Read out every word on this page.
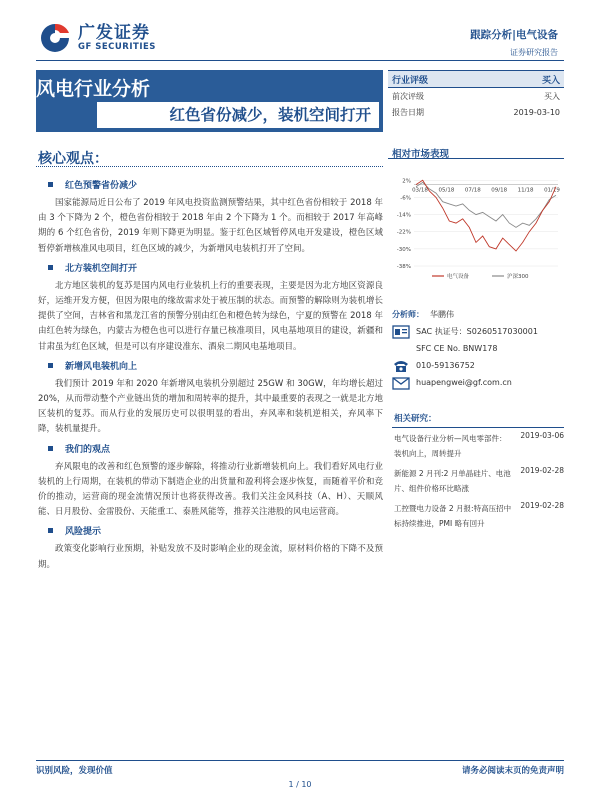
广发证券
GF SECURITIES
跟踪分析|电气设备
证券研究报告
风电行业分析
红色省份减少，装机空间打开
行业评级	买入
前次评级	买入
报告日期	2019-03-10
相对市场表现
2%
-6%
-14%
-22%
-30%
-38%
03/18 05/18 07/18 09/18 11/18 01/19
电气设备	沪深300
核心观点：
红色预警省份减少

国家能源局近日公布了 2019 年风电投资监测预警结果，其中红色省份相较于 2018 年由 3 个下降为 2 个，橙色省份相较于 2018 年由 2 个下降为 1 个。而相较于 2017 年高峰期的 6 个红色省份，2019 年则下降更为明显。鉴于红色区域暂停风电开发建设，橙色区域暂停新增核准风电项目，红色区域的减少，为新增风电装机打开了空间。

北方装机空间打开

北方地区装机的复苏是国内风电行业装机上行的重要表现，主要是因为北方地区资源良好，运维开发方便，但因为限电的缘故需求处于被压制的状态。而预警的解除则为装机增长提供了空间，吉林省和黑龙江省的预警分别由红色和橙色转为绿色，宁夏的预警在 2018 年由红色转为绿色，内蒙古为橙色也可以进行存量已核准项目，风电基地项目的建设，新疆和甘肃虽为红色区域，但是可以有序建设准东、酒泉二期风电基地项目。

新增风电装机向上

我们预计 2019 年和 2020 年新增风电装机分别超过 25GW 和 30GW，年均增长超过 20%，从而带动整个产业链出货的增加和周转率的提升，其中最重要的表现之一就是北方地区装机的复苏。而从行业的发展历史可以很明显的看出，弃风率和装机逆相关，弃风率下降，装机量提升。

我们的观点

弃风限电的改善和红色预警的逐步解除，将推动行业新增装机向上。我们看好风电行业装机的上行周期，在装机的带动下制造企业的出货量和盈利将会逐步恢复，而随着平价和竞价的推动，运营商的现金流情况预计也将获得改善。我们关注金风科技（A、H）、天顺风能、日月股份、金雷股份、天能重工、泰胜风能等，推荐关注港股的风电运营商。

风险提示

政策变化影响行业预期，补贴发放不及时影响企业的现金流，原材料价格的下降不及预期。

分析师： 华鹏伟
SAC 执证号：S0260517030001
SFC CE No. BNW178
010-59136752
huapengwei@gf.com.cn
相关研究：
电气设备行业分析—风电零部件：装机向上，周转提升
2019-03-06
新能源 2 月刊:2 月单晶硅片、电池片、组件价格环比略涨
2019-02-28
工控暨电力设备 2 月报:特高压招中标持续推进，PMI 略有回升
2019-02-28
识别风险，发现价值	请务必阅读末页的免责声明
1 / 10
